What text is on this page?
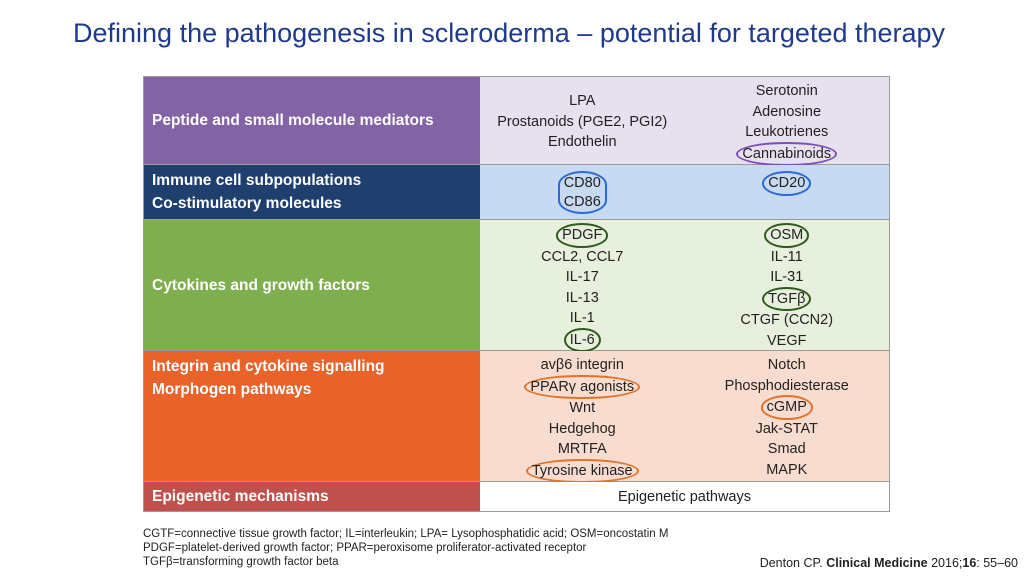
Defining the pathogenesis in scleroderma – potential for targeted therapy
Peptide and small molecule mediators
LPA
Prostanoids (PGE2, PGI2)
Endothelin
Serotonin
Adenosine
Leukotrienes
Cannabinoids
Immune cell subpopulations
Co-stimulatory molecules
CD80
CD86
CD20
Cytokines and growth factors
PDGF
CCL2, CCL7
IL-17
IL-13
IL-1
IL-6
OSM
IL-11
IL-31
TGFβ
CTGF (CCN2)
VEGF
Integrin and cytokine signalling
Morphogen pathways
avβ6 integrin
PPARγ agonists
Wnt
Hedgehog
MRTFA
Tyrosine kinase
Notch
Phosphodiesterase
cGMP
Jak-STAT
Smad
MAPK
Epigenetic mechanisms	Epigenetic pathways
CGTF=connective tissue growth factor; IL=interleukin; LPA= Lysophosphatidic acid; OSM=oncostatin M
PDGF=platelet-derived growth factor; PPAR=peroxisome proliferator-activated receptor
TGFβ=transforming growth factor beta	Denton CP. Clinical Medicine 2016;16: 55–60
